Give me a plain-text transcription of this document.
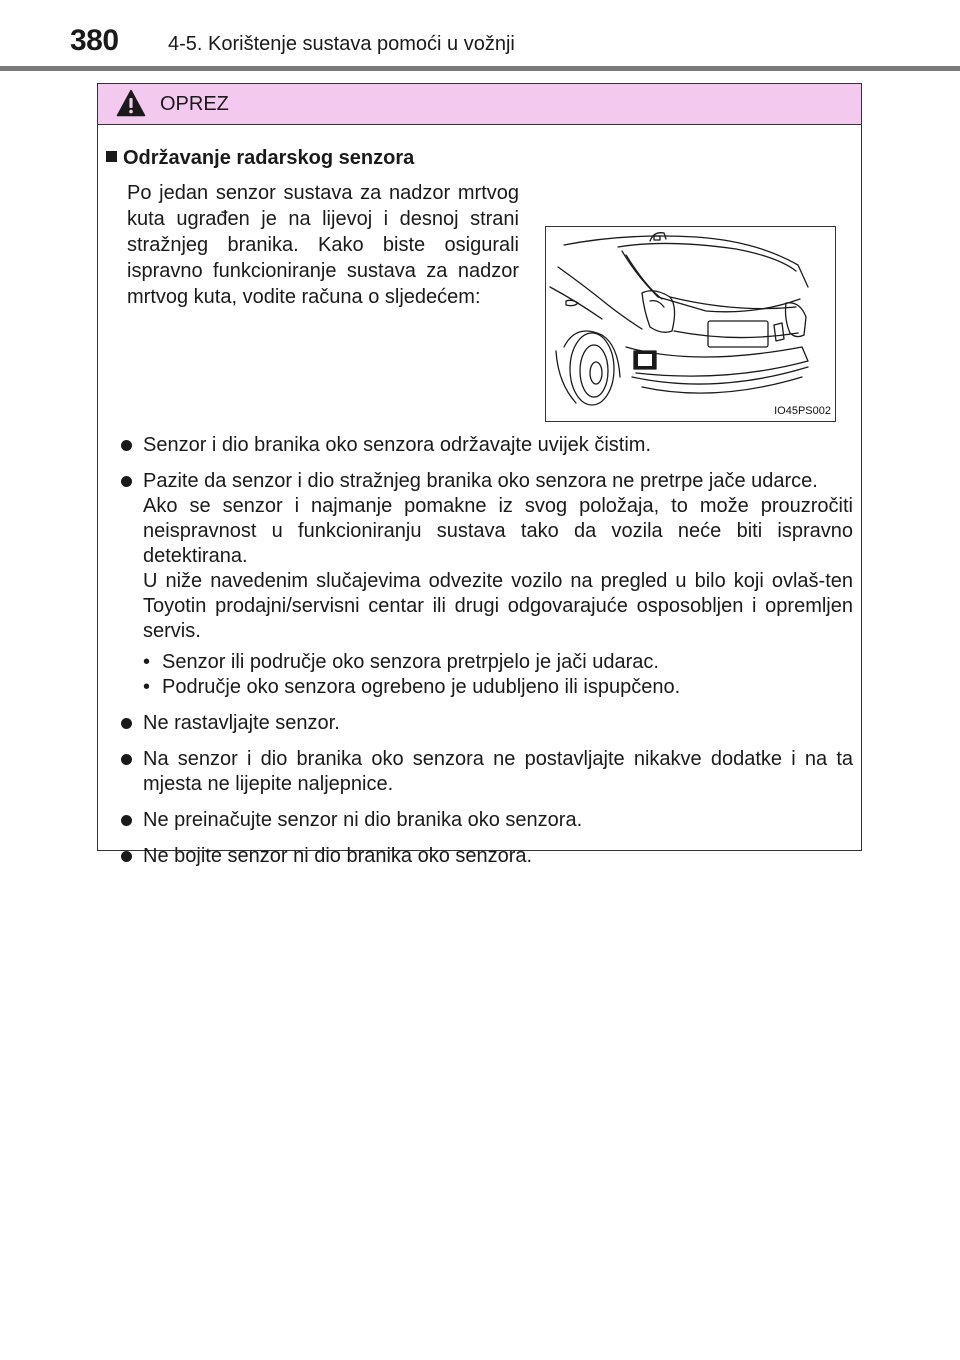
380 4-5. Korištenje sustava pomoći u vožnji
OPREZ
Održavanje radarskog senzora
Po jedan senzor sustava za nadzor mrtvog kuta ugrađen je na lijevoj i desnoj strani stražnjeg branika. Kako biste osigurali ispravno funkcioniranje sustava za nadzor mrtvog kuta, vodite računa o sljedećem:
IO45PS002

Senzor i dio branika oko senzora održavajte uvijek čistim.

Pazite da senzor i dio stražnjeg branika oko senzora ne pretrpe jače udarce.

Ako se senzor i najmanje pomakne iz svog položaja, to može prouzročiti neispravnost u funkcioniranju sustava tako da vozila neće biti ispravno detektirana.

U niže navedenim slučajevima odvezite vozilo na pregled u bilo koji ovlaš-ten Toyotin prodajni/servisni centar ili drugi odgovarajuće osposobljen i opremljen servis.

• Senzor ili područje oko senzora pretrpjelo je jači udarac.
• Područje oko senzora ogrebeno je udubljeno ili ispupčeno.

Ne rastavljajte senzor.

Na senzor i dio branika oko senzora ne postavljajte nikakve dodatke i na ta mjesta ne lijepite naljepnice.

Ne preinačujte senzor ni dio branika oko senzora.

Ne bojite senzor ni dio branika oko senzora.
